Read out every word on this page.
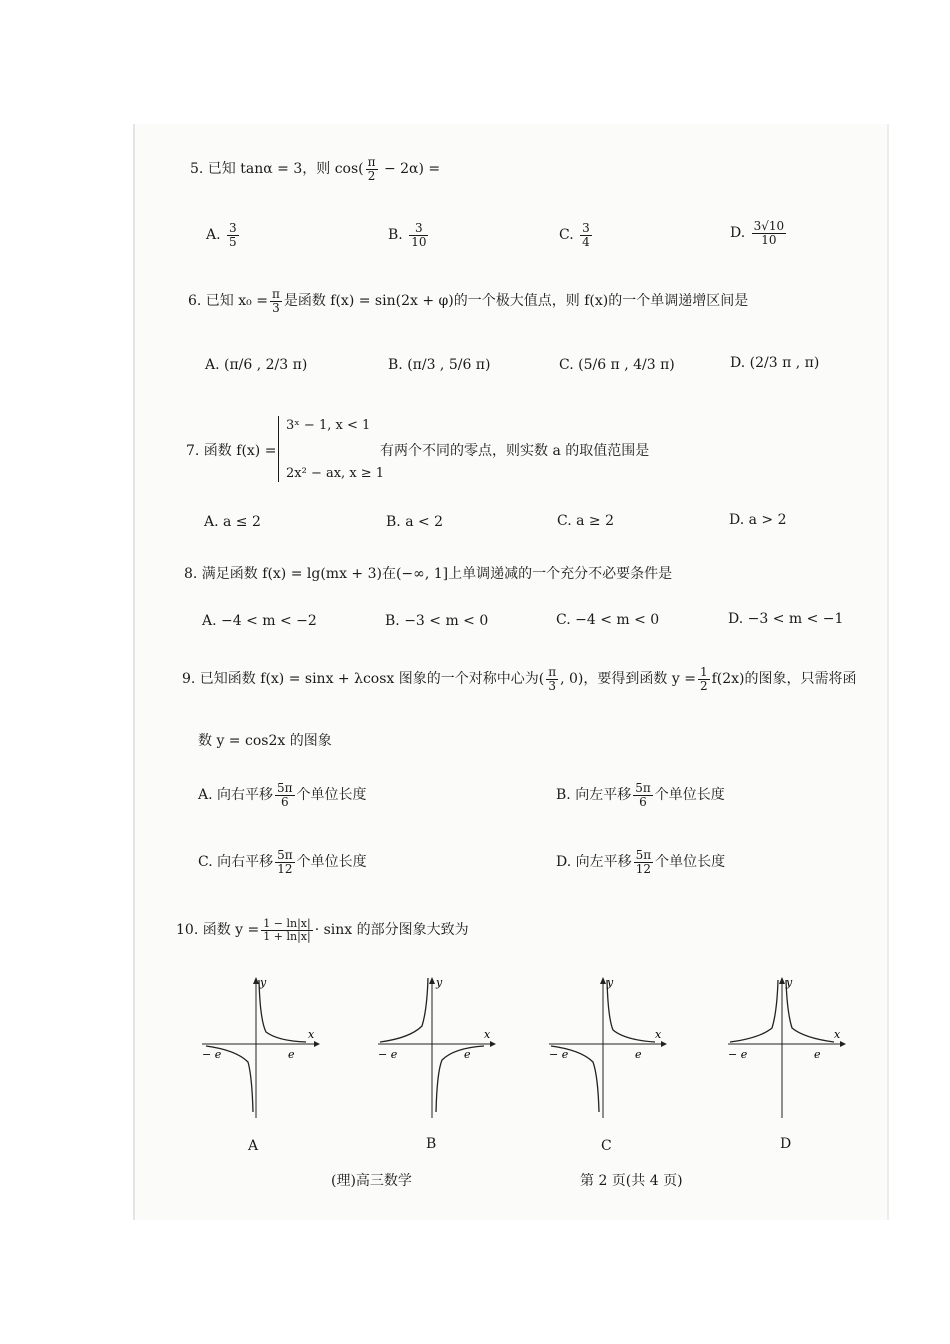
5. 已知 tanα = 3，则 $\cos( \frac{\pi}{2} - 2\alpha)$ =
A. $\frac{3}{5}$	B. $\frac{3}{10}$	C. $\frac{3}{4}$	D. $\frac{3√10}{10}$
6. 已知 $x_0 = \frac{\pi}{3}$ 是函数 f(x) = sin(2x + φ)的一个极大值点，则 f(x)的一个单调递增区间是
A. (π/6 , 2/3 π)	B. (π/3 , 5/6 π)	C. (5/6 π , 4/3 π)	D. (2/3 π , π)
7. 函数 f(x) =
3ˣ − 1, x < 1
2x² − ax, x ≥ 1
有两个不同的零点，则实数 a 的取值范围是
A. a ≤ 2	B. a < 2	C. a ≥ 2	D. a > 2
8. 满足函数 f(x) = lg(mx + 3)在(−∞, 1]上单调递减的一个充分不必要条件是
A. −4 < m < −2	B. −3 < m < 0	C. −4 < m < 0	D. −3 < m < −1
9. 已知函数 f(x) = sinx + λcosx 图象的一个对称中心为( $\frac{\pi}{3}$ , 0)，要得到函数 $y = \frac{1}{2} f(2x)$的图象，只需将函
数 y = cos2x 的图象
A. 向右平移 $\frac{5\pi}{6}$ 个单位长度	B. 向左平移 $\frac{5\pi}{6}$ 个单位长度
C. 向右平移 $\frac{5\pi}{12}$ 个单位长度	D. 向左平移 $\frac{5\pi}{12}$ 个单位长度
10. 函数 $y = \frac{1 - \ln|x|}{1 + \ln|x|} \cdot \sin x$ 的部分图象大致为
x
y
− e	e
A
x
y
− e	e
B
x
y
− e	e
C
x
y
− e	e
D
(理)高三数学	第 2 页(共 4 页)
